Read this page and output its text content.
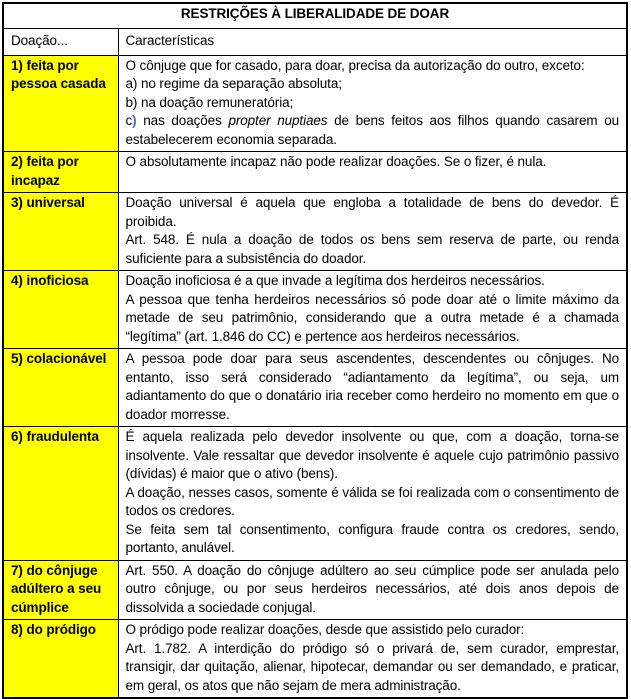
RESTRIÇÕES À LIBERALIDADE DE DOAR	
Doação...	Características
1) feita por pessoa casada	O cônjuge que for casado, para doar, precisa da autorização do outro, exceto:

a) no regime da separação absoluta;

b) na doação remuneratória;

c) nas doações propter nuptiaes de bens feitos aos filhos quando casarem ou estabelecerem economia separada.

2) feita por incapaz	O absolutamente incapaz não pode realizar doações. Se o fizer, é nula.

3) universal	Doação universal é aquela que engloba a totalidade de bens do devedor. É proibida.

Art. 548. É nula a doação de todos os bens sem reserva de parte, ou renda suficiente para a subsistência do doador.

4) inoficiosa	Doação inoficiosa é a que invade a legítima dos herdeiros necessários.

A pessoa que tenha herdeiros necessários só pode doar até o limite máximo da metade de seu patrimônio, considerando que a outra metade é a chamada “legítima” (art. 1.846 do CC) e pertence aos herdeiros necessários.

5) colacionável	A pessoa pode doar para seus ascendentes, descendentes ou cônjuges. No entanto, isso será considerado “adiantamento da legítima”, ou seja, um adiantamento do que o donatário iria receber como herdeiro no momento em que o doador morresse.

6) fraudulenta	É aquela realizada pelo devedor insolvente ou que, com a doação, torna-se insolvente. Vale ressaltar que devedor insolvente é aquele cujo patrimônio passivo (dívidas) é maior que o ativo (bens).

A doação, nesses casos, somente é válida se foi realizada com o consentimento de todos os credores.

Se feita sem tal consentimento, configura fraude contra os credores, sendo, portanto, anulável.

7) do cônjuge adúltero a seu cúmplice	Art. 550. A doação do cônjuge adúltero ao seu cúmplice pode ser anulada pelo outro cônjuge, ou por seus herdeiros necessários, até dois anos depois de dissolvida a sociedade conjugal.

8) do pródigo	O pródigo pode realizar doações, desde que assistido pelo curador:

Art. 1.782. A interdição do pródigo só o privará de, sem curador, emprestar, transigir, dar quitação, alienar, hipotecar, demandar ou ser demandado, e praticar, em geral, os atos que não sejam de mera administração.
